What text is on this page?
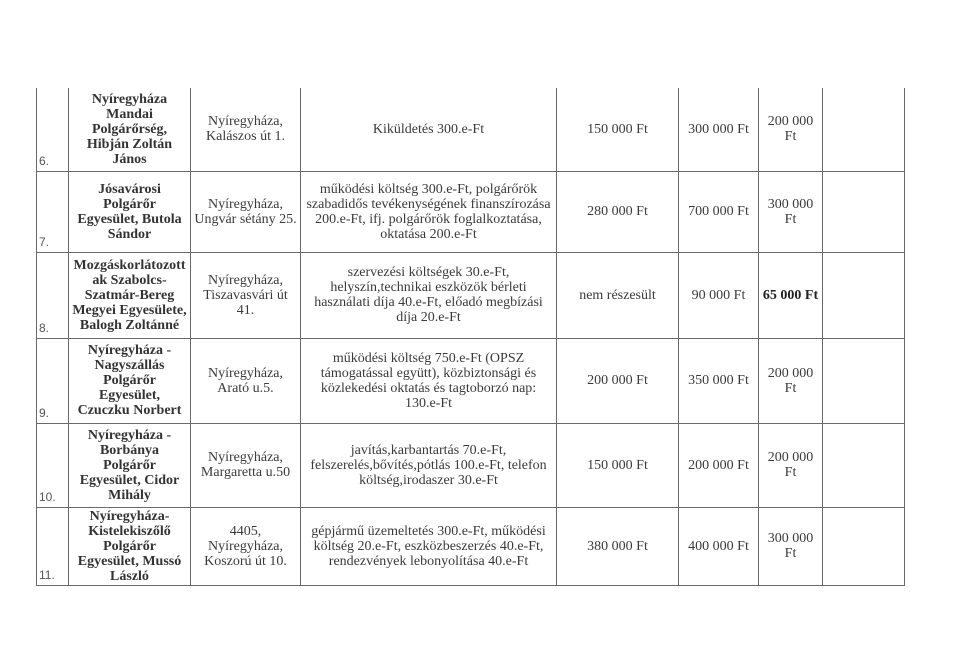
6.	Nyíregyháza Mandai Polgárőrség, Hibján Zoltán János	Nyíregyháza, Kalászos út 1.	Kiküldetés 300.e-Ft	150 000 Ft	300 000 Ft	200 000 Ft	
7.	Jósavárosi Polgárőr Egyesület, Butola Sándor	Nyíregyháza, Ungvár sétány 25.	működési költség 300.e-Ft, polgárőrök szabadidős tevékenységének finanszírozása 200.e-Ft, ifj. polgárőrök foglalkoztatása, oktatása 200.e-Ft	280 000 Ft	700 000 Ft	300 000 Ft	
8.	Mozgáskorlátozott ak Szabolcs-Szatmár-Bereg Megyei Egyesülete, Balogh Zoltánné	Nyíregyháza, Tiszavasvári út 41.	szervezési költségek 30.e-Ft, helyszín,technikai eszközök bérleti használati díja 40.e-Ft, előadó megbízási díja 20.e-Ft	nem részesült	90 000 Ft	65 000 Ft	
9.	Nyíregyháza - Nagyszállás Polgárőr Egyesület, Czuczku Norbert	Nyíregyháza, Arató u.5.	működési költség 750.e-Ft (OPSZ támogatással együtt), közbiztonsági és közlekedési oktatás és tagtoborzó nap: 130.e-Ft	200 000 Ft	350 000 Ft	200 000 Ft	
10.	Nyíregyháza - Borbánya Polgárőr Egyesület, Cidor Mihály	Nyíregyháza, Margaretta u.50	javítás,karbantartás 70.e-Ft, felszerelés,bővítés,pótlás 100.e-Ft, telefon költség,irodaszer 30.e-Ft	150 000 Ft	200 000 Ft	200 000 Ft	
11.	Nyíregyháza-Kistelekiszőlő Polgárőr Egyesület, Mussó László	4405, Nyíregyháza, Koszorú út 10.	gépjármű üzemeltetés 300.e-Ft, működési költség 20.e-Ft, eszközbeszerzés 40.e-Ft, rendezvények lebonyolítása 40.e-Ft	380 000 Ft	400 000 Ft	300 000 Ft	
